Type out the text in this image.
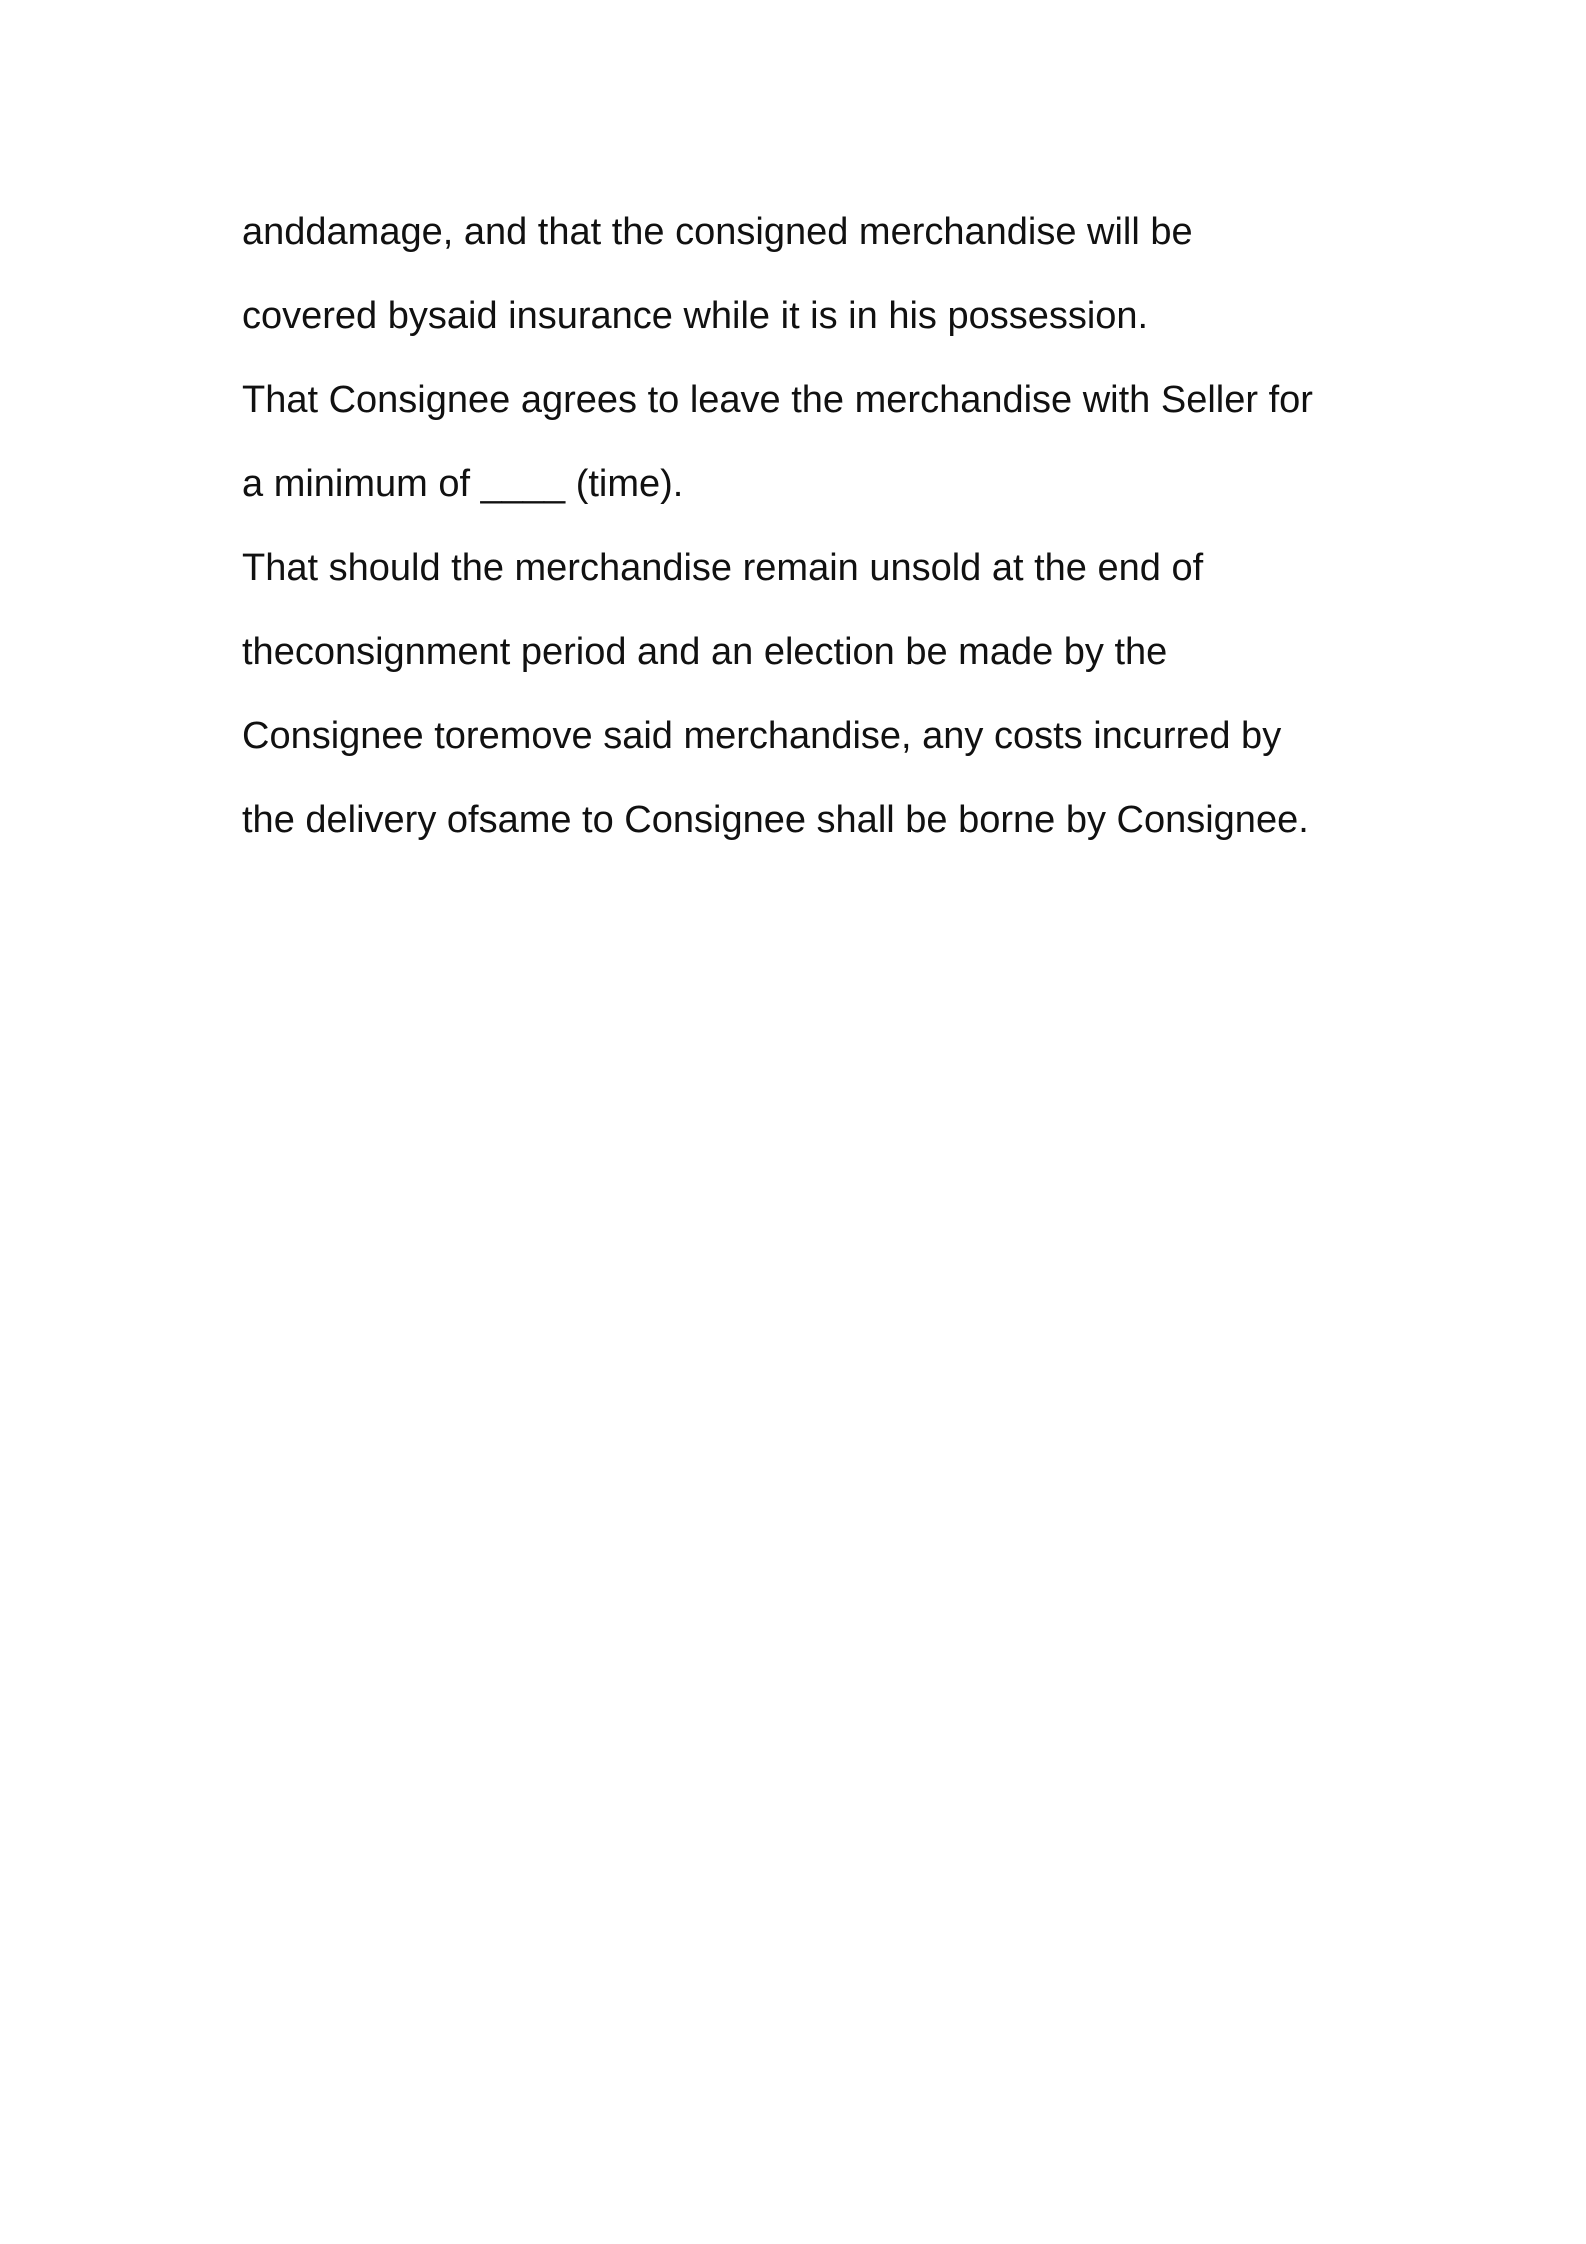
anddamage, and that the consigned merchandise will be
covered bysaid insurance while it is in his possession.
That Consignee agrees to leave the merchandise with Seller for
a minimum of ____ (time).
That should the merchandise remain unsold at the end of
theconsignment period and an election be made by the
Consignee toremove said merchandise, any costs incurred by
the delivery ofsame to Consignee shall be borne by Consignee.
